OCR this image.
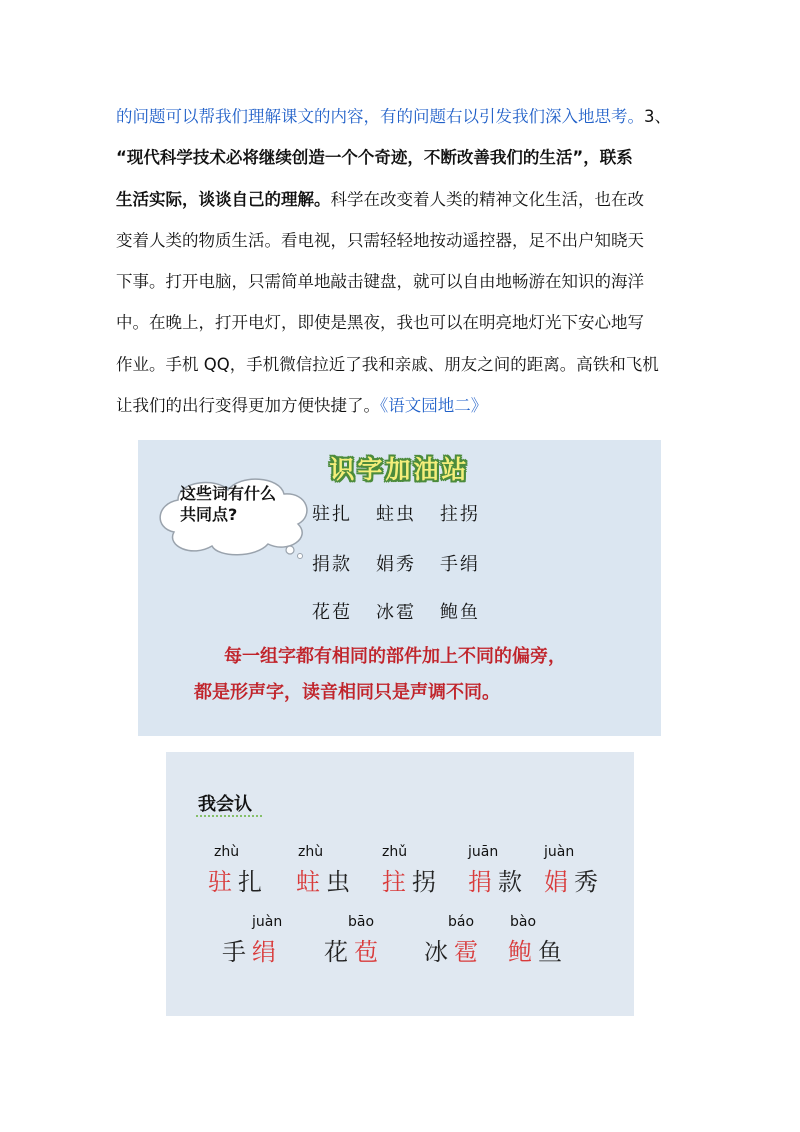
的问题可以帮我们理解课文的内容，有的问题右以引发我们深入地思考。3、
“现代科学技术必将继续创造一个个奇迹，不断改善我们的生活”，联系
生活实际，谈谈自己的理解。科学在改变着人类的精神文化生活，也在改
变着人类的物质生活。看电视，只需轻轻地按动遥控器，足不出户知晓天
下事。打开电脑，只需简单地敲击键盘，就可以自由地畅游在知识的海洋
中。在晚上，打开电灯，即使是黑夜，我也可以在明亮地灯光下安心地写
作业。手机 QQ，手机微信拉近了我和亲戚、朋友之间的距离。高铁和飞机
让我们的出行变得更加方便快捷了。《语文园地二》
识字加油站
这些词有什么共同点?	驻扎 蛀虫 拄拐
捐款 娟秀 手绢
花苞 冰雹 鲍鱼
每一组字都有相同的部件加上不同的偏旁，
都是形声字，读音相同只是声调不同。
我会认
zhù
驻扎
zhù
蛀虫
zhǔ
拄拐
juān
捐款
juàn
娟秀
juàn
手绢
bāo
花苞
báo
冰雹
bào
鲍鱼
